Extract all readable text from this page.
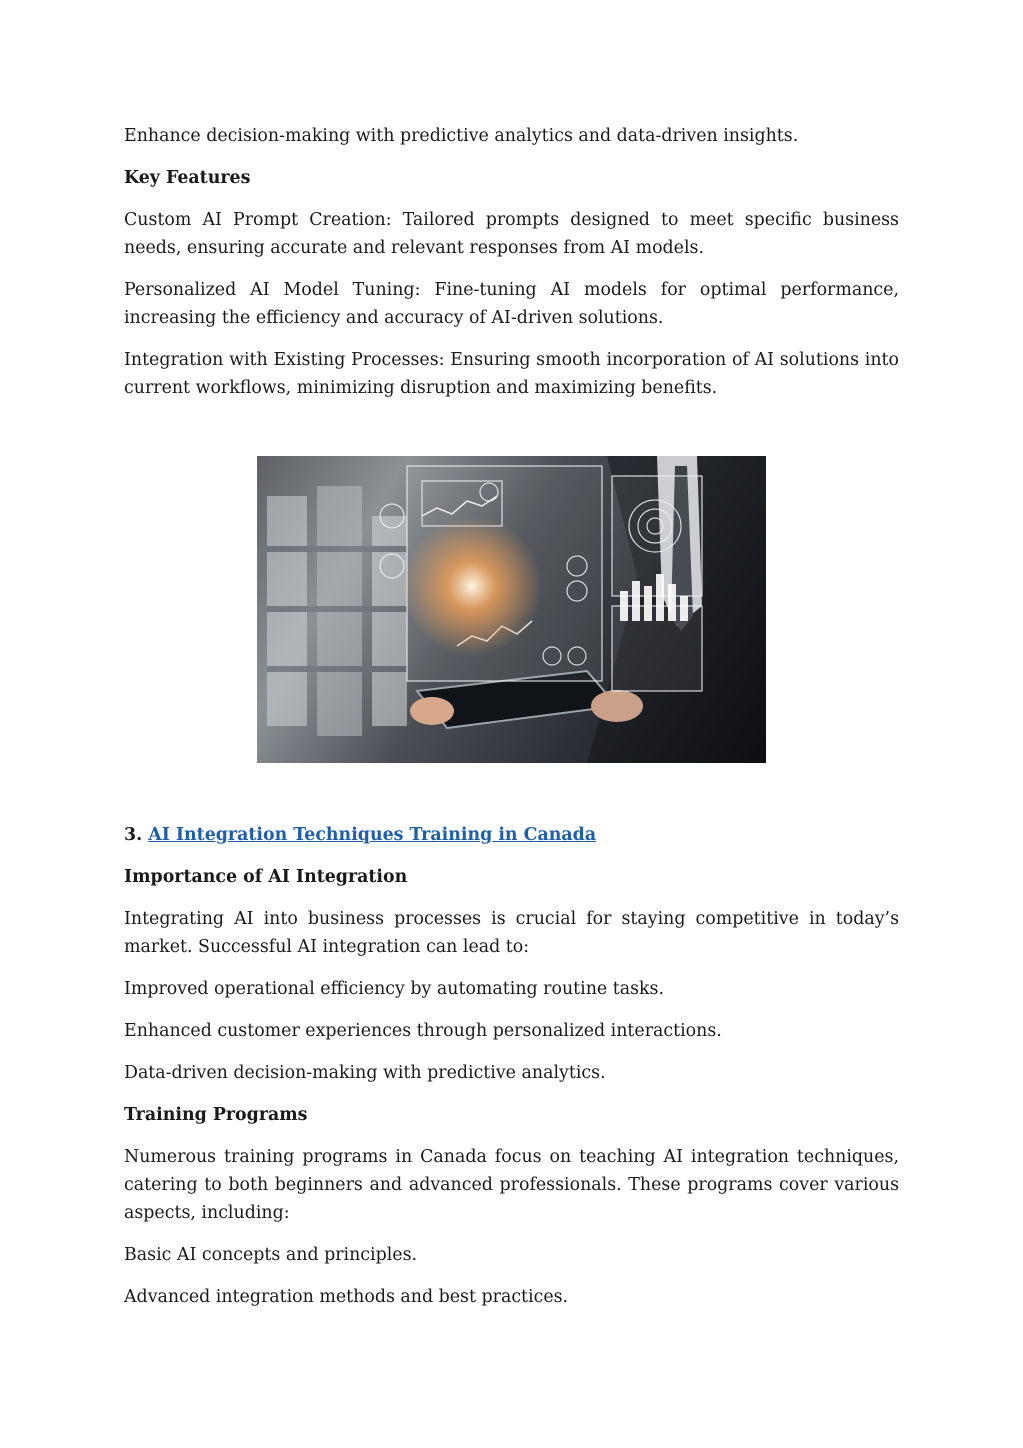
Enhance decision-making with predictive analytics and data-driven insights.

Key Features

Custom AI Prompt Creation: Tailored prompts designed to meet specific business needs, ensuring accurate and relevant responses from AI models.

Personalized AI Model Tuning: Fine-tuning AI models for optimal performance, increasing the efficiency and accuracy of AI-driven solutions.

Integration with Existing Processes: Ensuring smooth incorporation of AI solutions into current workflows, minimizing disruption and maximizing benefits.

3. AI Integration Techniques Training in Canada

Importance of AI Integration

Integrating AI into business processes is crucial for staying competitive in today’s market. Successful AI integration can lead to:

Improved operational efficiency by automating routine tasks.

Enhanced customer experiences through personalized interactions.

Data-driven decision-making with predictive analytics.

Training Programs

Numerous training programs in Canada focus on teaching AI integration techniques, catering to both beginners and advanced professionals. These programs cover various aspects, including:

Basic AI concepts and principles.

Advanced integration methods and best practices.
